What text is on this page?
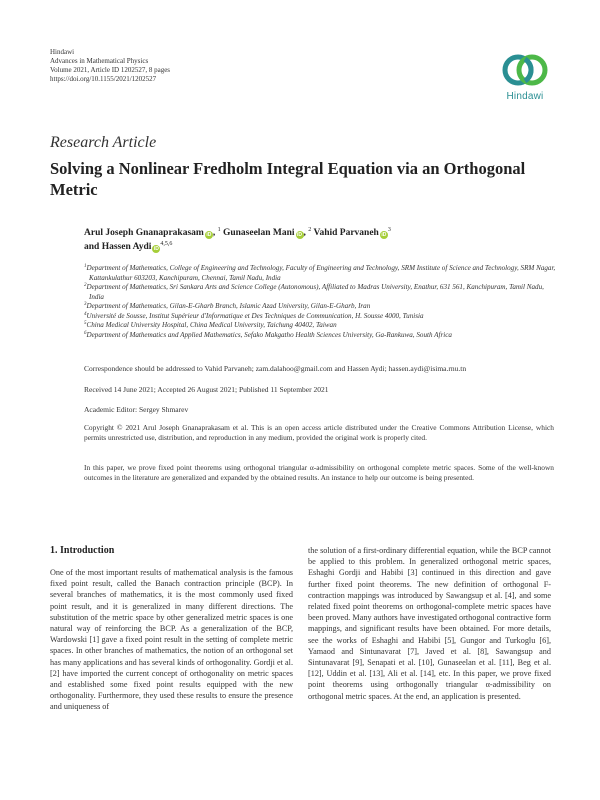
Hindawi
Advances in Mathematical Physics
Volume 2021, Article ID 1202527, 8 pages
https://doi.org/10.1155/2021/1202527
Hindawi
Research Article
Solving a Nonlinear Fredholm Integral Equation via an Orthogonal Metric
Arul Joseph Gnanaprakasam iD , $^1$ Gunaseelan Mani iD , $^2$ Vahid Parvaneh $iD^3$
and Hassen Aydi iD$^{4,5,6}$
$^1$Department of Mathematics, College of Engineering and Technology, Faculty of Engineering and Technology, SRM Institute of Science and Technology, SRM Nagar, Kattankulathur 603203, Kanchipuram, Chennai, Tamil Nadu, India
$^2$Department of Mathematics, Sri Sankara Arts and Science College (Autonomous), Affiliated to Madras University, Enathur, 631 561, Kanchipuram, Tamil Nadu, India
$^3$Department of Mathematics, Gilan-E-Gharb Branch, Islamic Azad University, Gilan-E-Gharb, Iran
$^4$Université de Sousse, Institut Supérieur d'Informatique et Des Techniques de Communication, H. Sousse 4000, Tunisia
$^5$China Medical University Hospital, China Medical University, Taichung 40402, Taiwan
$^6$Department of Mathematics and Applied Mathematics, Sefako Makgatho Health Sciences University, Ga-Rankuwa, South Africa
Correspondence should be addressed to Vahid Parvaneh; zam.dalahoo@gmail.com and Hassen Aydi; hassen.aydi@isima.rnu.tn
Received 14 June 2021; Accepted 26 August 2021; Published 11 September 2021
Academic Editor: Sergey Shmarev
Copyright © 2021 Arul Joseph Gnanaprakasam et al. This is an open access article distributed under the Creative Commons Attribution License, which permits unrestricted use, distribution, and reproduction in any medium, provided the original work is properly cited.
In this paper, we prove fixed point theorems using orthogonal triangular α-admissibility on orthogonal complete metric spaces. Some of the well-known outcomes in the literature are generalized and expanded by the obtained results. An instance to help our outcome is being presented.
1. Introduction
One of the most important results of mathematical analysis is the famous fixed point result, called the Banach contraction principle (BCP). In several branches of mathematics, it is the most commonly used fixed point result, and it is generalized in many different directions. The substitution of the metric space by other generalized metric spaces is one natural way of reinforcing the BCP. As a generalization of the BCP, Wardowski [1] gave a fixed point result in the setting of complete metric spaces. In other branches of mathematics, the notion of an orthogonal set has many applications and has several kinds of orthogonality. Gordji et al. [2] have imported the current concept of orthogonality on metric spaces and established some fixed point results equipped with the new orthogonality. Furthermore, they used these results to ensure the presence and uniqueness of
the solution of a first-ordinary differential equation, while the BCP cannot be applied to this problem. In generalized orthogonal metric spaces, Eshaghi Gordji and Habibi [3] continued in this direction and gave further fixed point theorems. The new definition of orthogonal F-contraction mappings was introduced by Sawangsup et al. [4], and some related fixed point theorems on orthogonal-complete metric spaces have been proved. Many authors have investigated orthogonal contractive form mappings, and significant results have been obtained. For more details, see the works of Eshaghi and Habibi [5], Gungor and Turkoglu [6], Yamaod and Sintunavarat [7], Javed et al. [8], Sawangsup and Sintunavarat [9], Senapati et al. [10], Gunaseelan et al. [11], Beg et al. [12], Uddin et al. [13], Ali et al. [14], etc. In this paper, we prove fixed point theorems using orthogonally triangular α-admissibility on orthogonal metric spaces. At the end, an application is presented.
